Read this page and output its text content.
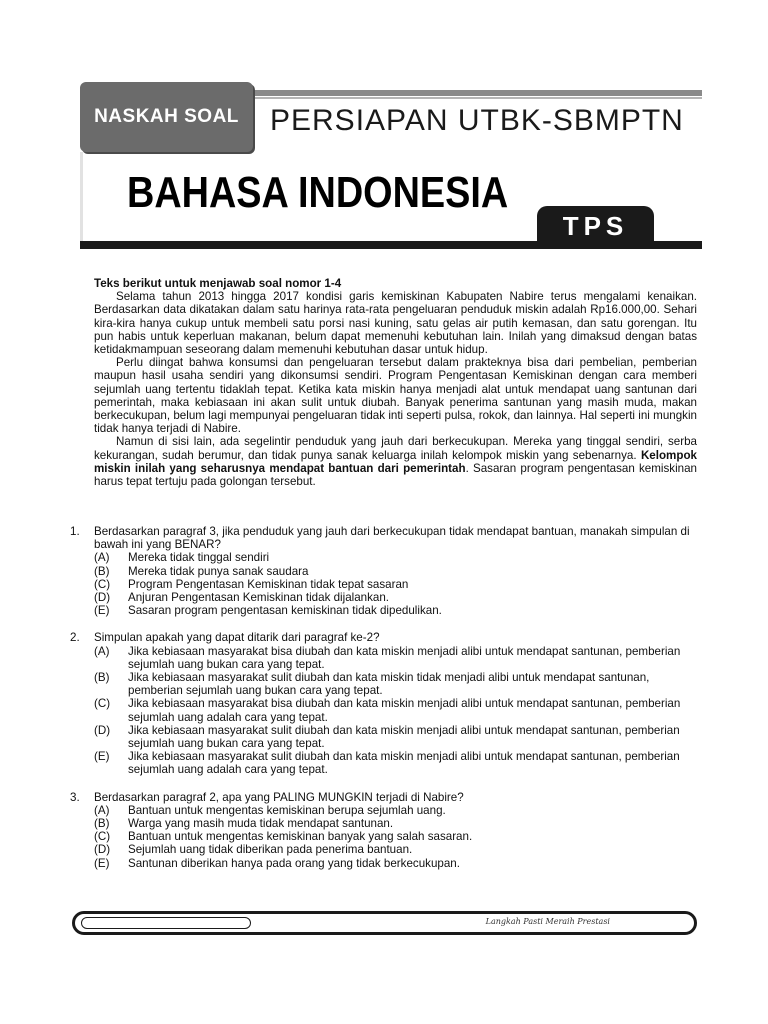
NASKAH SOAL	PERSIAPAN UTBK-SBMPTN
BAHASA INDONESIA
TPS

Teks berikut untuk menjawab soal nomor 1-4

Selama tahun 2013 hingga 2017 kondisi garis kemiskinan Kabupaten Nabire terus mengalami kenaikan. Berdasarkan data dikatakan dalam satu harinya rata-rata pengeluaran penduduk miskin adalah Rp16.000,00. Sehari kira-kira hanya cukup untuk membeli satu porsi nasi kuning, satu gelas air putih kemasan, dan satu gorengan. Itu pun habis untuk keperluan makanan, belum dapat memenuhi kebutuhan lain. Inilah yang dimaksud dengan batas ketidakmampuan seseorang dalam memenuhi kebutuhan dasar untuk hidup.

Perlu diingat bahwa konsumsi dan pengeluaran tersebut dalam prakteknya bisa dari pembelian, pemberian maupun hasil usaha sendiri yang dikonsumsi sendiri. Program Pengentasan Kemiskinan dengan cara memberi sejumlah uang tertentu tidaklah tepat. Ketika kata miskin hanya menjadi alat untuk mendapat uang santunan dari pemerintah, maka kebiasaan ini akan sulit untuk diubah. Banyak penerima santunan yang masih muda, makan berkecukupan, belum lagi mempunyai pengeluaran tidak inti seperti pulsa, rokok, dan lainnya. Hal seperti ini mungkin tidak hanya terjadi di Nabire.

Namun di sisi lain, ada segelintir penduduk yang jauh dari berkecukupan. Mereka yang tinggal sendiri, serba kekurangan, sudah berumur, dan tidak punya sanak keluarga inilah kelompok miskin yang sebenarnya. Kelompok miskin inilah yang seharusnya mendapat bantuan dari pemerintah. Sasaran program pengentasan kemiskinan harus tepat tertuju pada golongan tersebut.

1. Berdasarkan paragraf 3, jika penduduk yang jauh dari berkecukupan tidak mendapat bantuan, manakah simpulan di bawah ini yang BENAR?

(A) Mereka tidak tinggal sendiri
(B) Mereka tidak punya sanak saudara
(C) Program Pengentasan Kemiskinan tidak tepat sasaran
(D) Anjuran Pengentasan Kemiskinan tidak dijalankan.
(E) Sasaran program pengentasan kemiskinan tidak dipedulikan.
2. Simpulan apakah yang dapat ditarik dari paragraf ke-2?

(A) Jika kebiasaan masyarakat bisa diubah dan kata miskin menjadi alibi untuk mendapat santunan, pemberian sejumlah uang bukan cara yang tepat.
(B) Jika kebiasaan masyarakat sulit diubah dan kata miskin tidak menjadi alibi untuk mendapat santunan, pemberian sejumlah uang bukan cara yang tepat.
(C) Jika kebiasaan masyarakat bisa diubah dan kata miskin menjadi alibi untuk mendapat santunan, pemberian sejumlah uang adalah cara yang tepat.
(D) Jika kebiasaan masyarakat sulit diubah dan kata miskin menjadi alibi untuk mendapat santunan, pemberian sejumlah uang bukan cara yang tepat.
(E) Jika kebiasaan masyarakat sulit diubah dan kata miskin menjadi alibi untuk mendapat santunan, pemberian sejumlah uang adalah cara yang tepat.
3. Berdasarkan paragraf 2, apa yang PALING MUNGKIN terjadi di Nabire?

(A) Bantuan untuk mengentas kemiskinan berupa sejumlah uang.
(B) Warga yang masih muda tidak mendapat santunan.
(C) Bantuan untuk mengentas kemiskinan banyak yang salah sasaran.
(D) Sejumlah uang tidak diberikan pada penerima bantuan.
(E) Santunan diberikan hanya pada orang yang tidak berkecukupan.
Langkah Pasti Meraih Prestasi
